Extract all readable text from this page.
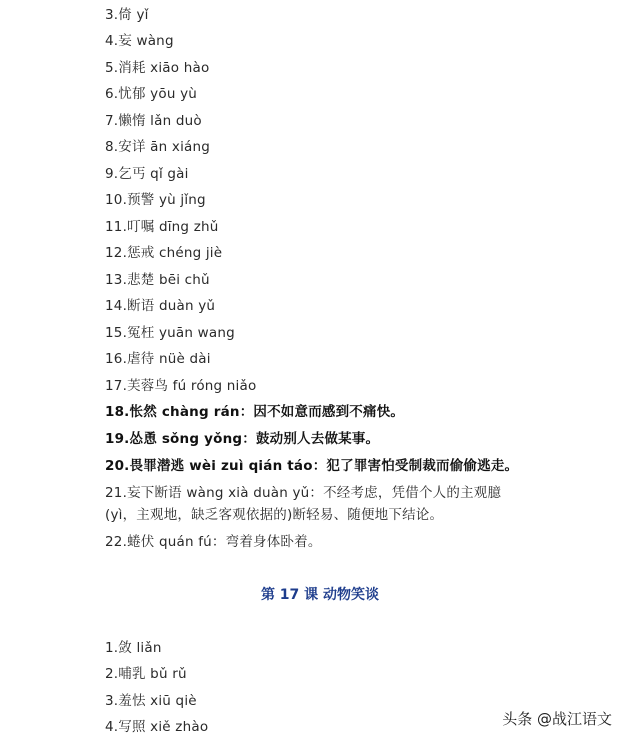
3.倚 yǐ
4.妄 wàng
5.消耗 xiāo hào
6.忧郁 yōu yù
7.懒惰 lǎn duò
8.安详 ān xiáng
9.乞丐 qǐ gài
10.预警 yù jǐng
11.叮嘱 dīng zhǔ
12.惩戒 chéng jiè
13.悲楚 bēi chǔ
14.断语 duàn yǔ
15.冤枉 yuān wang
16.虐待 nüè dài
17.芙蓉鸟 fú róng niǎo
18.怅然 chàng rán：因不如意而感到不痛快。
19.怂恿 sǒng yǒng：鼓动别人去做某事。
20.畏罪潜逃 wèi zuì qián táo：犯了罪害怕受制裁而偷偷逃走。
21.妄下断语 wàng xià duàn yǔ：不经考虑，凭借个人的主观臆(yì，主观地，缺乏客观依据的)断轻易、随便地下结论。
22.蜷伏 quán fú：弯着身体卧着。
第 17 课 动物笑谈
1.敛 liǎn
2.哺乳 bǔ rǔ
3.羞怯 xiū qiè
4.写照 xiě zhào	头条 @战江语文
